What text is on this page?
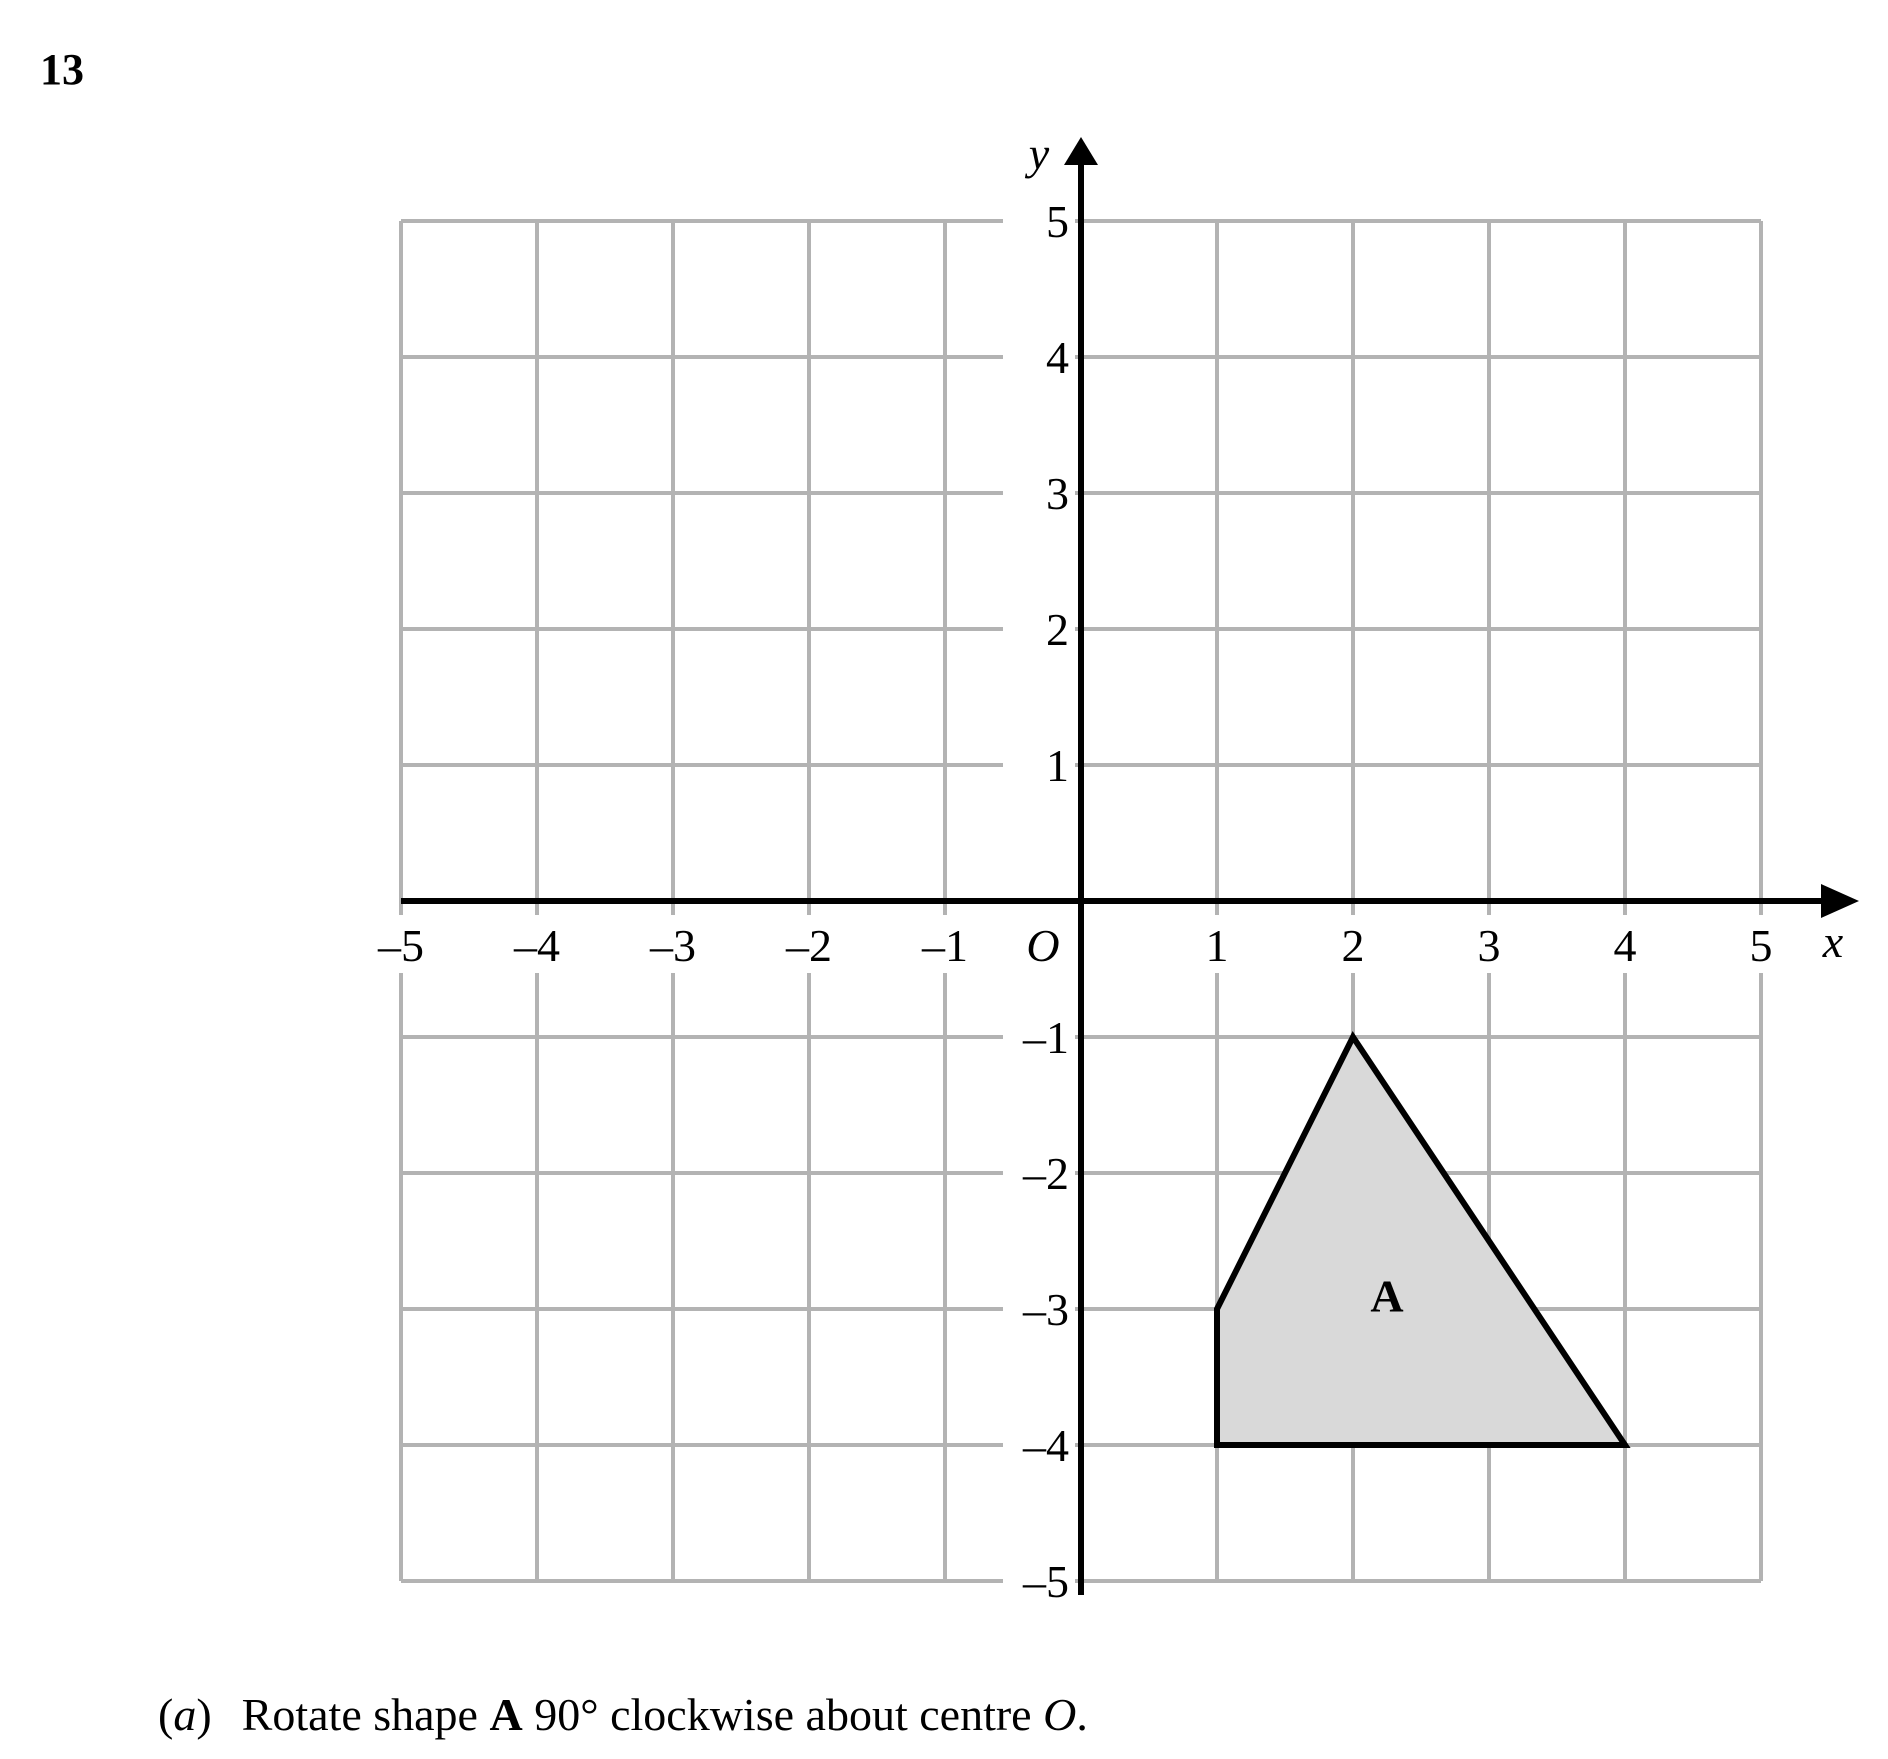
13
A
–5 –4 –3 –2 –1	1 2 3 4 5
5
4
3
2
1
–1
–2
–3
–4
–5
O	x
y
(a) Rotate shape A 90° clockwise about centre O.
